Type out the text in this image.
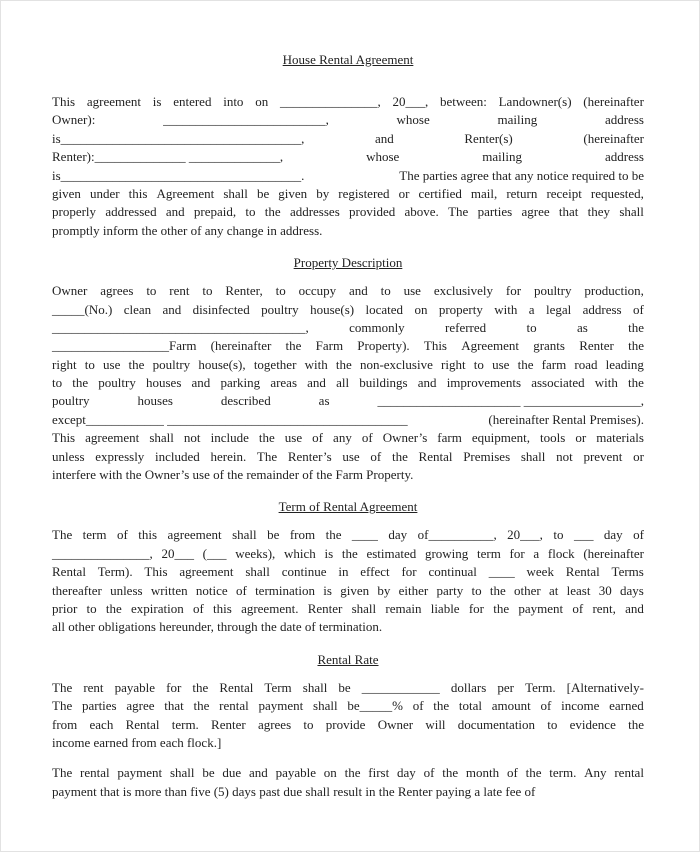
House Rental Agreement
This agreement is entered into on _______________, 20___, between: Landowner(s) (hereinafter
Owner):	_________________________,	whose	mailing	address
is_____________________________________,	and	Renter(s)	(hereinafter
Renter):______________ ______________,	whose	mailing	address
is_____________________________________.	The parties agree that any notice required to be
given under this Agreement shall be given by registered or certified mail, return receipt requested,
properly addressed and prepaid, to the addresses provided above. The parties agree that they shall
promptly inform the other of any change in address.
Property Description
Owner agrees to rent to Renter, to occupy and to use exclusively for poultry production,
_____(No.) clean and disinfected poultry house(s) located on property with a legal address of
_______________________________________,	commonly	referred	to	as	the
__________________Farm (hereinafter the Farm Property). This Agreement grants Renter the
right to use the poultry house(s), together with the non-exclusive right to use the farm road leading
to the poultry houses and parking areas and all buildings and improvements associated with the
poultry	houses	described	as	______________________ __________________,
except____________ _____________________________________	(hereinafter Rental Premises).
This agreement shall not include the use of any of Owner’s farm equipment, tools or materials
unless expressly included herein. The Renter’s use of the Rental Premises shall not prevent or
interfere with the Owner’s use of the remainder of the Farm Property.
Term of Rental Agreement
The term of this agreement shall be from the ____ day of__________, 20___, to ___ day of
_______________, 20___ (___ weeks), which is the estimated growing term for a flock (hereinafter
Rental Term). This agreement shall continue in effect for continual ____ week Rental Terms
thereafter unless written notice of termination is given by either party to the other at least 30 days
prior to the expiration of this agreement. Renter shall remain liable for the payment of rent, and
all other obligations hereunder, through the date of termination.
Rental Rate
The rent payable for the Rental Term shall be ____________ dollars per Term. [Alternatively-
The parties agree that the rental payment shall be_____% of the total amount of income earned
from each Rental term. Renter agrees to provide Owner will documentation to evidence the
income earned from each flock.]
The rental payment shall be due and payable on the first day of the month of the term. Any rental
payment that is more than five (5) days past due shall result in the Renter paying a late fee of
